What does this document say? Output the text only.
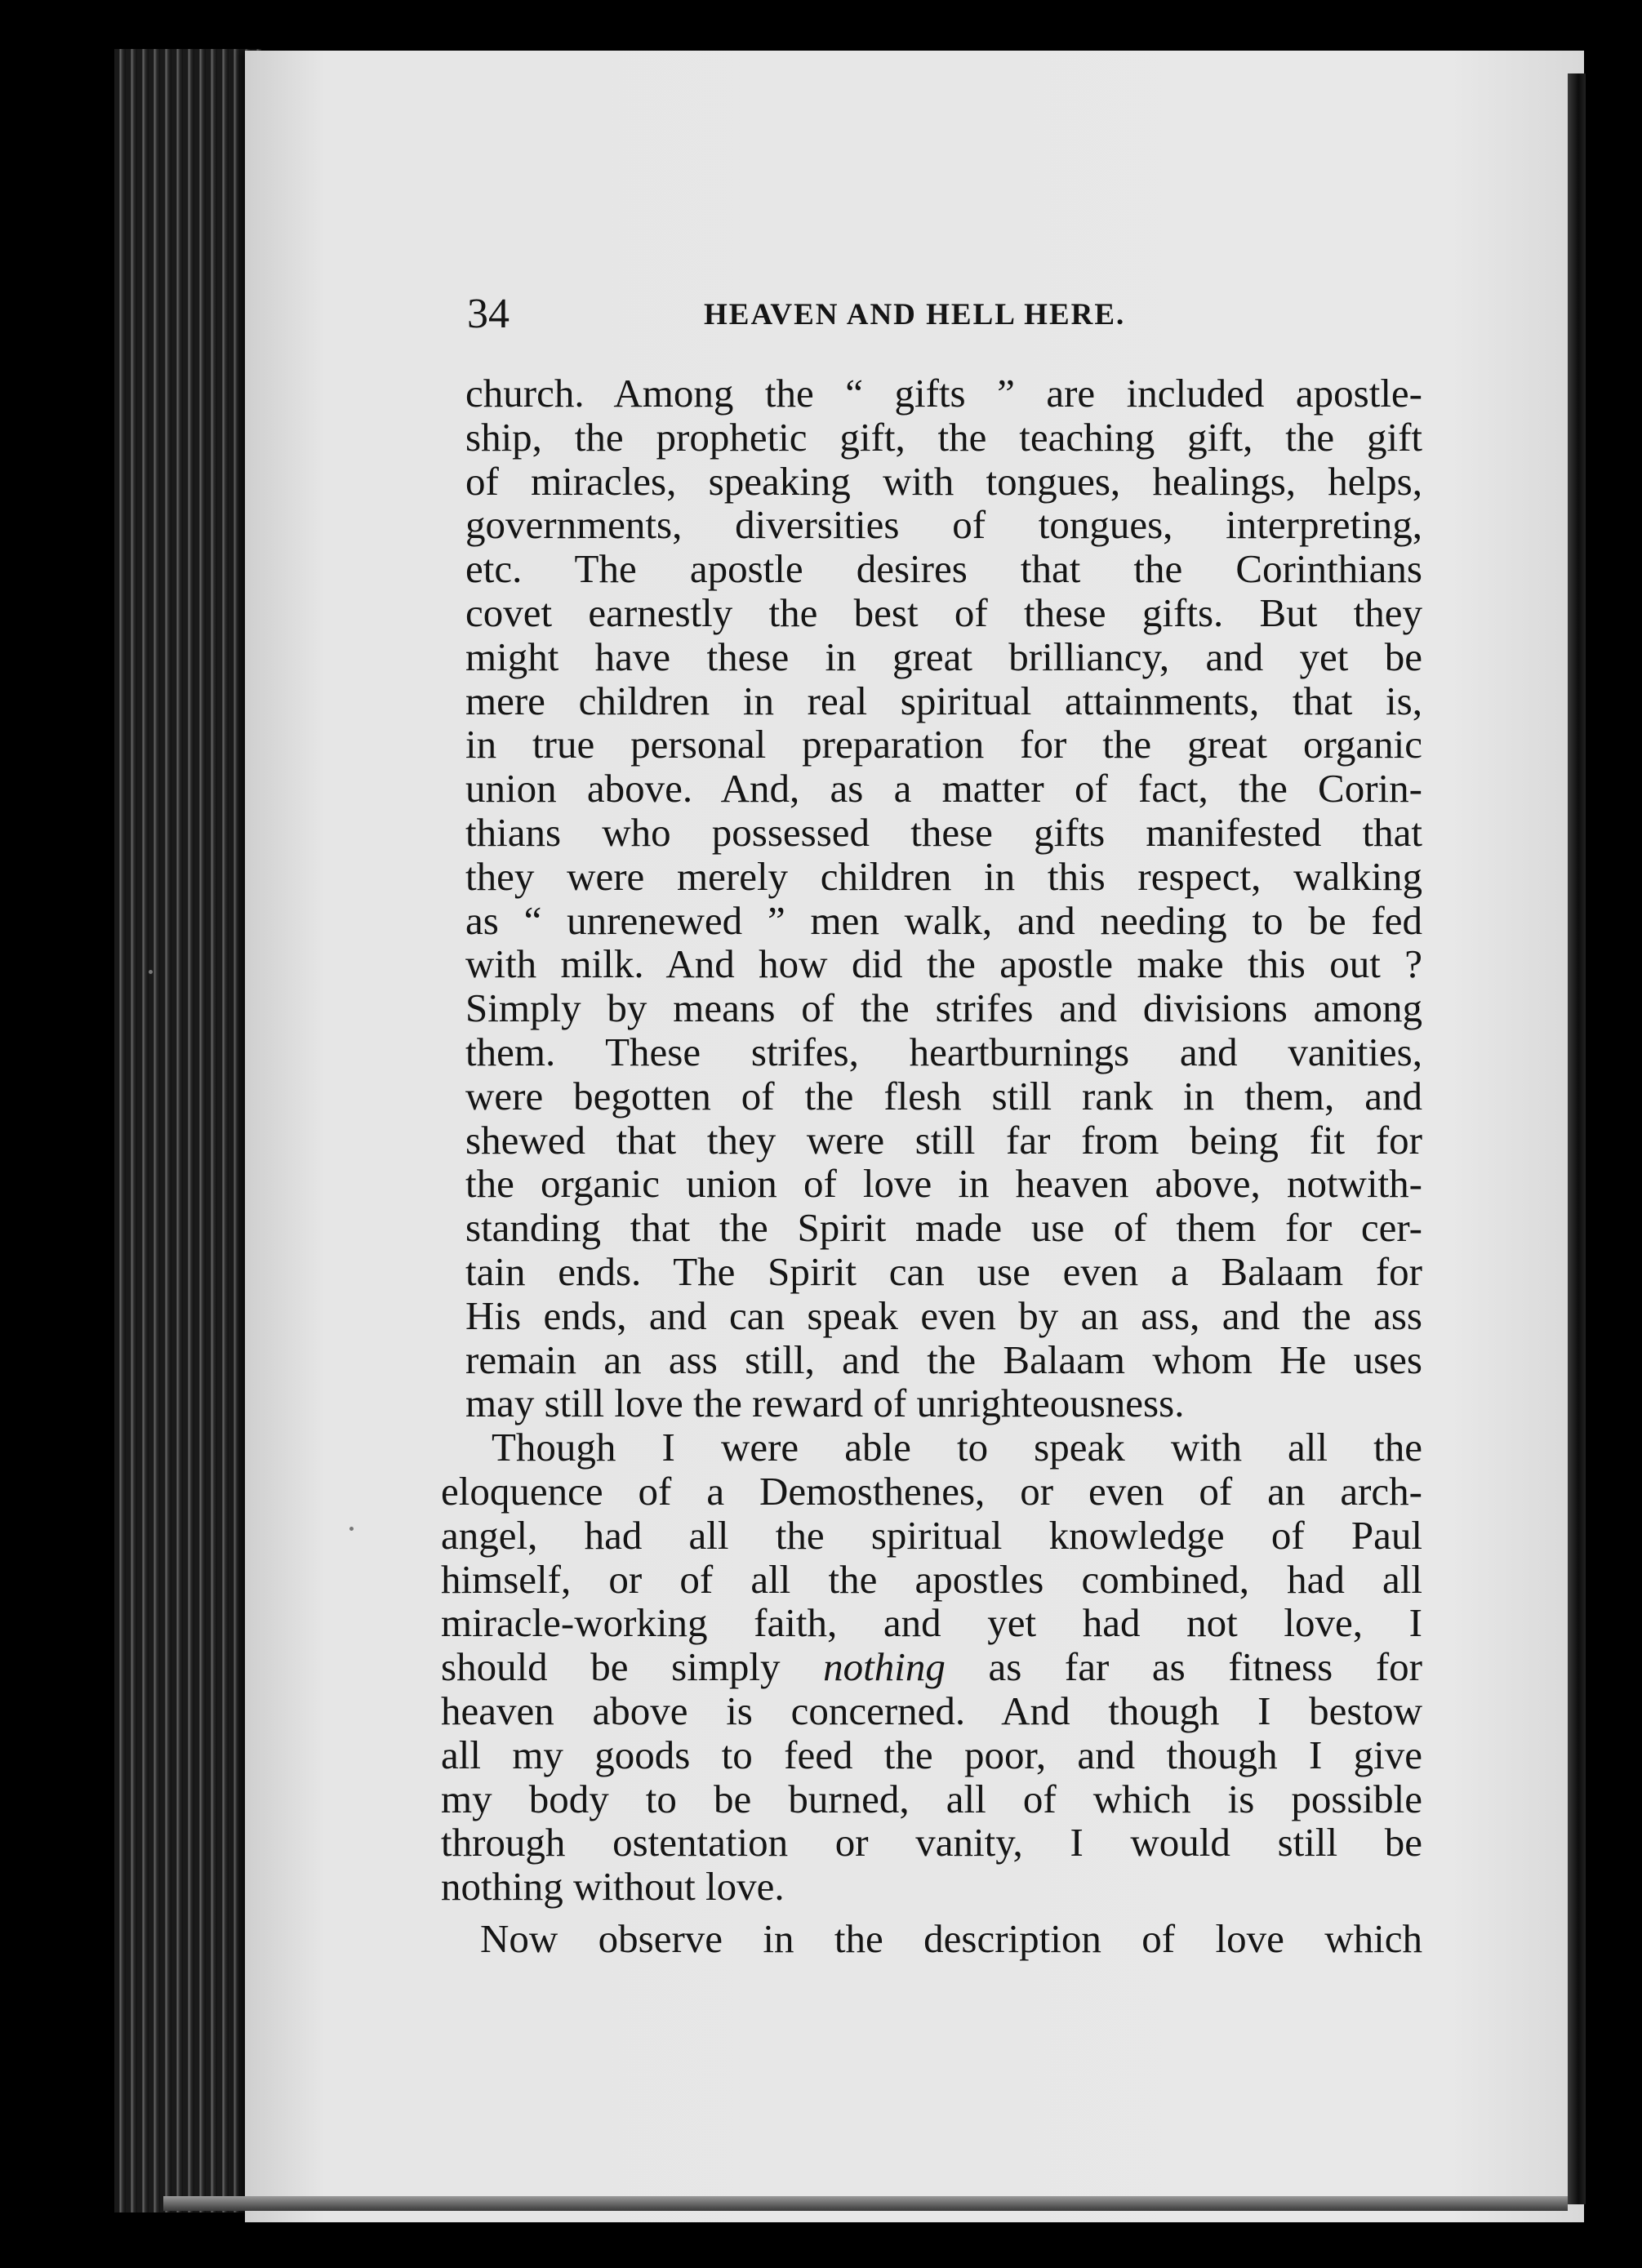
34	HEAVEN AND HELL HERE.
church. Among the “ gifts ” are included apostle-
ship, the prophetic gift, the teaching gift, the gift
of miracles, speaking with tongues, healings, helps,
governments, diversities of tongues, interpreting,
etc. The apostle desires that the Corinthians
covet earnestly the best of these gifts. But they
might have these in great brilliancy, and yet be
mere children in real spiritual attainments, that is,
in true personal preparation for the great organic
union above. And, as a matter of fact, the Corin-
thians who possessed these gifts manifested that
they were merely children in this respect, walking
as “ unrenewed ” men walk, and needing to be fed
with milk. And how did the apostle make this out ?
Simply by means of the strifes and divisions among
them. These strifes, heartburnings and vanities,
were begotten of the flesh still rank in them, and
shewed that they were still far from being fit for
the organic union of love in heaven above, notwith-
standing that the Spirit made use of them for cer-
tain ends. The Spirit can use even a Balaam for
His ends, and can speak even by an ass, and the ass
remain an ass still, and the Balaam whom He uses
may still love the reward of unrighteousness.
Though I were able to speak with all the
eloquence of a Demosthenes, or even of an arch-
angel, had all the spiritual knowledge of Paul
himself, or of all the apostles combined, had all
miracle-working faith, and yet had not love, I
should be simply nothing as far as fitness for
heaven above is concerned. And though I bestow
all my goods to feed the poor, and though I give
my body to be burned, all of which is possible
through ostentation or vanity, I would still be
nothing without love.
Now observe in the description of love which
